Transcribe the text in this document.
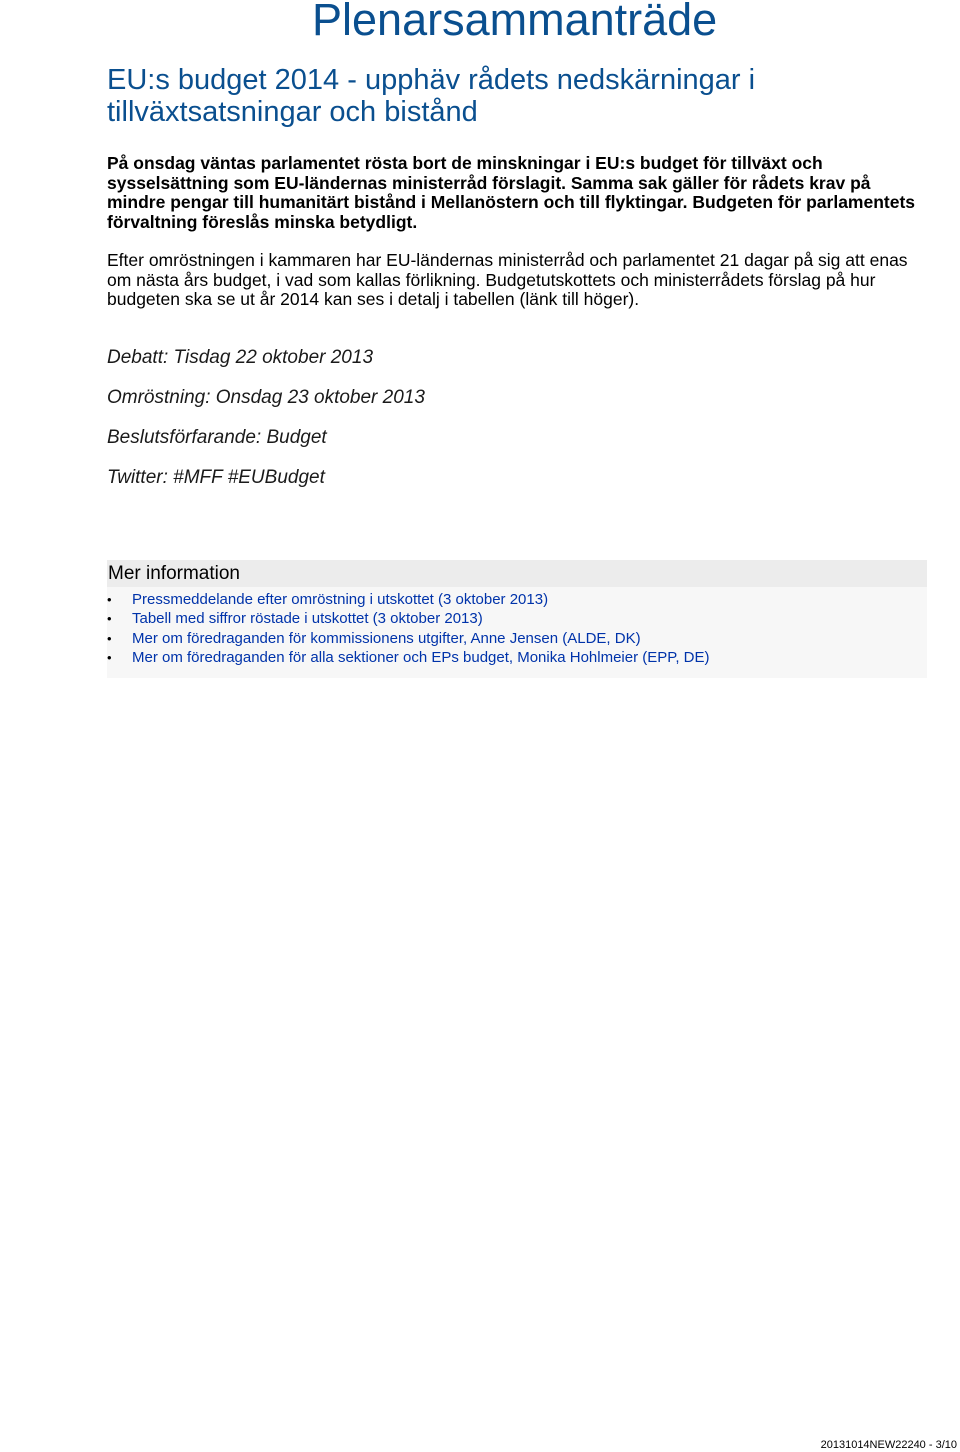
Plenarsammanträde
EU:s budget 2014 - upphäv rådets nedskärningar i tillväxtsatsningar och bistånd

På onsdag väntas parlamentet rösta bort de minskningar i EU:s budget för tillväxt och sysselsättning som EU-ländernas ministerråd förslagit. Samma sak gäller för rådets krav på mindre pengar till humanitärt bistånd i Mellanöstern och till flyktingar. Budgeten för parlamentets förvaltning föreslås minska betydligt.

Efter omröstningen i kammaren har EU-ländernas ministerråd och parlamentet 21 dagar på sig att enas om nästa års budget, i vad som kallas förlikning. Budgetutskottets och ministerrådets förslag på hur budgeten ska se ut år 2014 kan ses i detalj i tabellen (länk till höger).

Debatt: Tisdag 22 oktober 2013

Omröstning: Onsdag 23 oktober 2013

Beslutsförfarande: Budget

Twitter: #MFF #EUBudget

Mer information
• Pressmeddelande efter omröstning i utskottet (3 oktober 2013)
• Tabell med siffror röstade i utskottet (3 oktober 2013)
• Mer om föredraganden för kommissionens utgifter, Anne Jensen (ALDE, DK)
• Mer om föredraganden för alla sektioner och EPs budget, Monika Hohlmeier (EPP, DE)

20131014NEW22240 - 3/10
